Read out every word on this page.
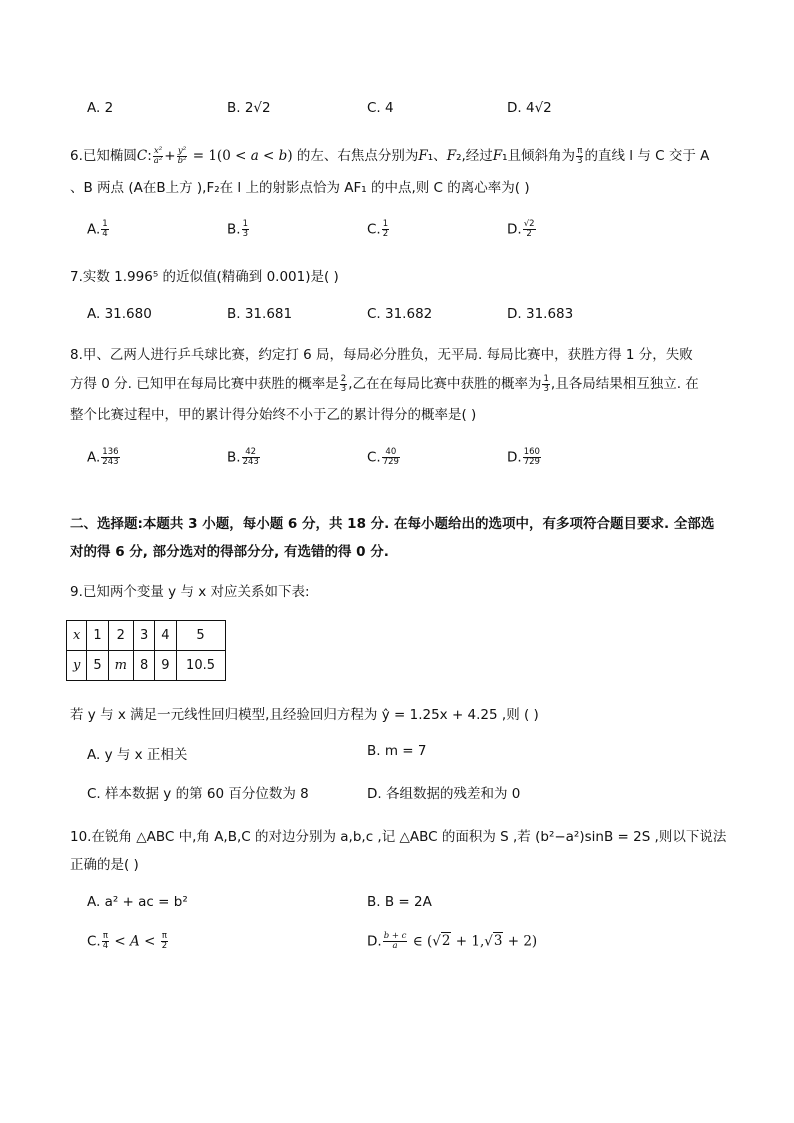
A. 2	B. 2√2	C. 4	D. 4√2
6.已知椭圆C: $\frac{\text{x²}}{\text{a²}} + \frac{\text{y²}}{\text{b²}} = 1(0 < a < b)$ 的左、右焦点分别为F₁、F₂,经过F₁且倾斜角为 $\frac{\pi}{3}$ 的直线 l 与 C 交于 A
、B 两点 (A在B上方 ),F₂在 l 上的射影点恰为 AF₁ 的中点,则 C 的离心率为( )
A. $\frac{1}{4}$	B. $\frac{1}{3}$	C. $\frac{1}{2}$	D. $\frac{√2}{2}$
7.实数 1.996⁵ 的近似值(精确到 0.001)是( )
A. 31.680	B. 31.681	C. 31.682	D. 31.683
8.甲、乙两人进行乒乓球比赛，约定打 6 局，每局必分胜负，无平局. 每局比赛中，获胜方得 1 分，失败
方得 0 分. 已知甲在每局比赛中获胜的概率是 $\frac{2}{3}$ ,乙在在每局比赛中获胜的概率为 $\frac{1}{3}$ ,且各局结果相互独立. 在
整个比赛过程中，甲的累计得分始终不小于乙的累计得分的概率是( )
A. $\frac{136}{243}$	B. $\frac{42}{243}$	C. $\frac{40}{729}$	D. $\frac{160}{729}$
二、选择题:本题共 3 小题，每小题 6 分，共 18 分. 在每小题给出的选项中，有多项符合题目要求. 全部选
对的得 6 分, 部分选对的得部分分, 有选错的得 0 分.
9.已知两个变量 y 与 x 对应关系如下表:
x	1	2	3	4	5
y	5	m	8	9	10.5
若 y 与 x 满足一元线性回归模型,且经验回归方程为 ŷ = 1.25x + 4.25 ,则 ( )
A. y 与 x 正相关	B. m = 7
C. 样本数据 y 的第 60 百分位数为 8	D. 各组数据的残差和为 0
10.在锐角 △ABC 中,角 A,B,C 的对边分别为 a,b,c ,记 △ABC 的面积为 S ,若 (b²−a²)sinB = 2S ,则以下说法
正确的是( )
A. a² + ac = b²	B. B = 2A
C. $\frac{\pi}{4} < A < \frac{\pi}{2}$	D. $\frac{b + c}{a}$ ∈ (√2 + 1,√3 + 2)
